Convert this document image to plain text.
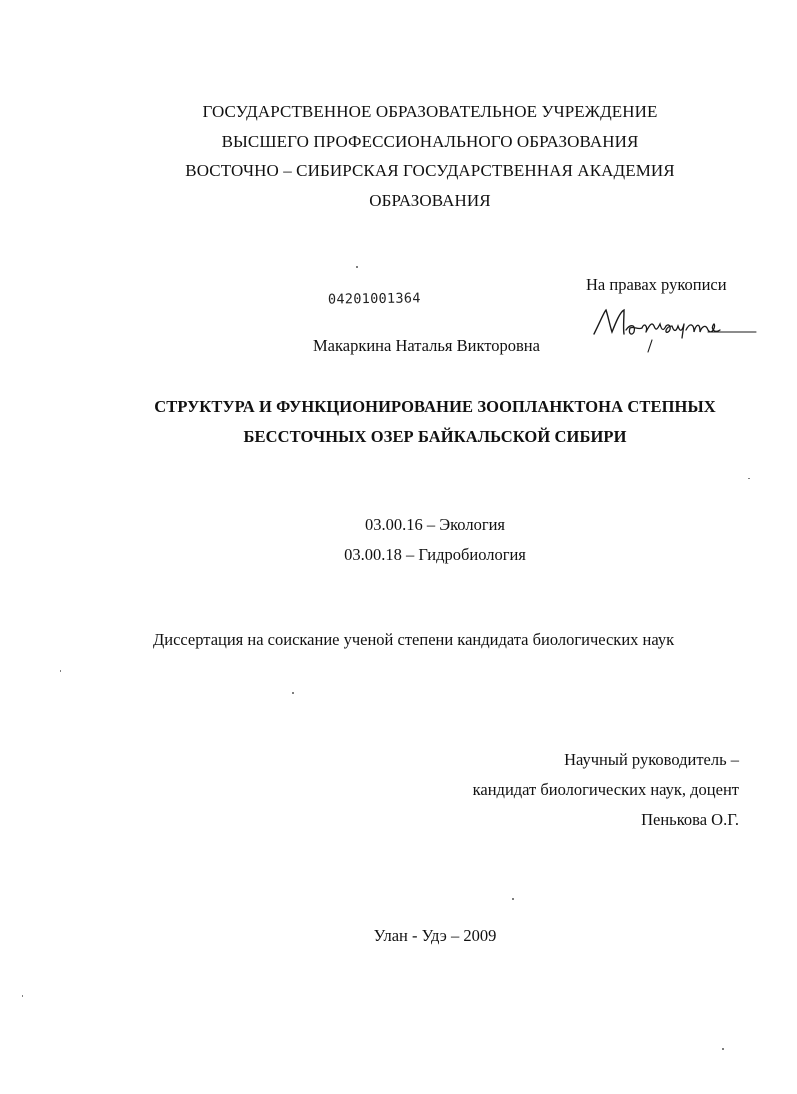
ГОСУДАРСТВЕННОЕ ОБРАЗОВАТЕЛЬНОЕ УЧРЕЖДЕНИЕ
ВЫСШЕГО ПРОФЕССИОНАЛЬНОГО ОБРАЗОВАНИЯ
ВОСТОЧНО – СИБИРСКАЯ ГОСУДАРСТВЕННАЯ АКАДЕМИЯ
ОБРАЗОВАНИЯ
На правах рукописи
04201001364
Макаркина Наталья Викторовна
СТРУКТУРА И ФУНКЦИОНИРОВАНИЕ ЗООПЛАНКТОНА СТЕПНЫХ
БЕССТОЧНЫХ ОЗЕР БАЙКАЛЬСКОЙ СИБИРИ
03.00.16 – Экология
03.00.18 – Гидробиология
Диссертация на соискание ученой степени кандидата биологических наук
Научный руководитель –
кандидат биологических наук, доцент
Пенькова О.Г.
Улан - Удэ – 2009
